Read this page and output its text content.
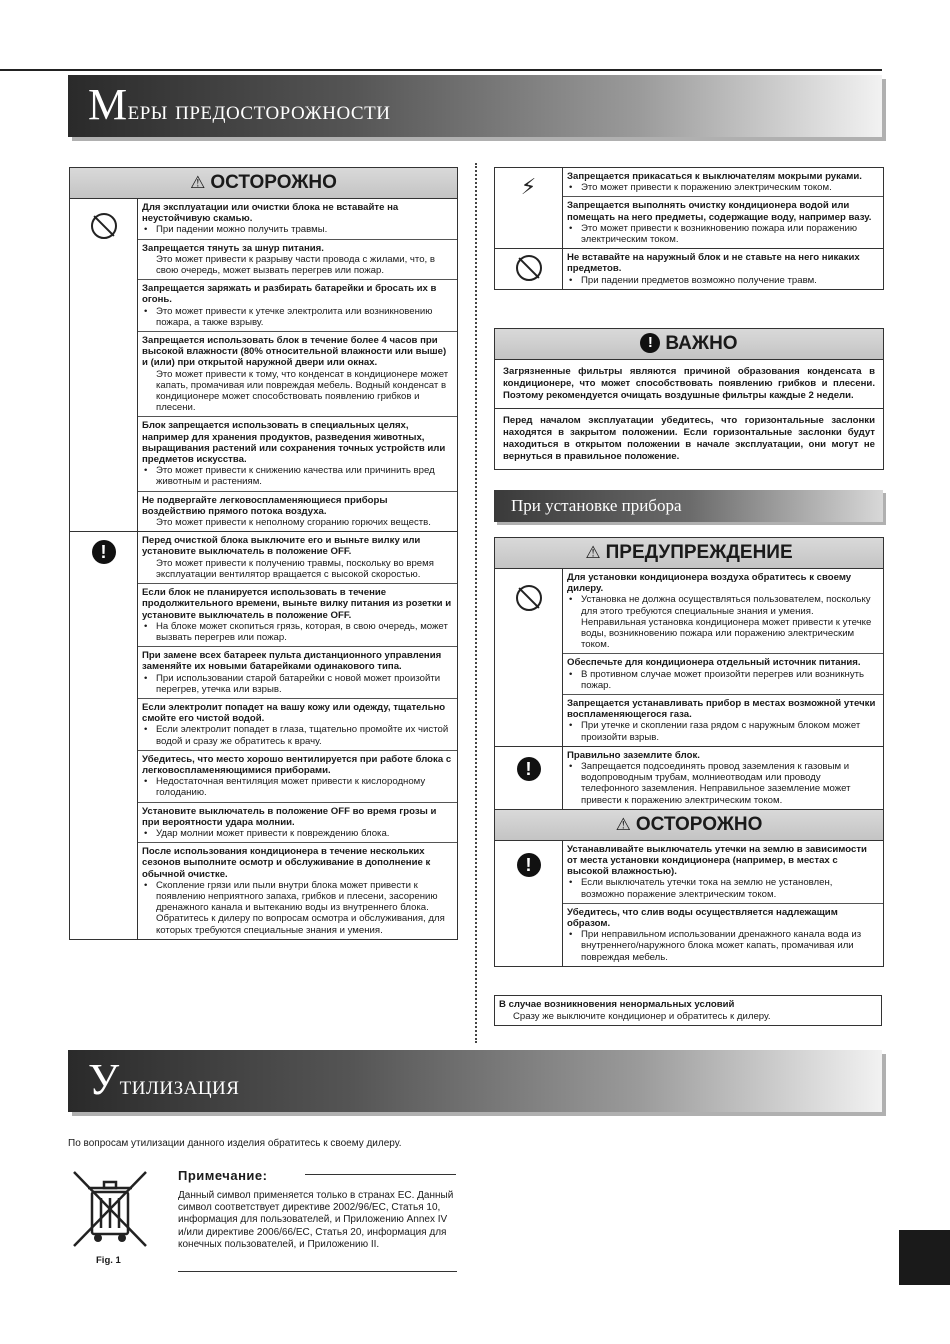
Меры предосторожности
⚠ ОСТОРОЖНО
Для эксплуатации или очистки блока не вставайте на неустойчивую скамью.
• При падении можно получить травмы.
Запрещается тянуть за шнур питания.
Это может привести к разрыву части провода с жилами, что, в свою очередь, может вызвать перегрев или пожар.
Запрещается заряжать и разбирать батарейки и бросать их в огонь.
• Это может привести к утечке электролита или возникновению пожара, а также взрыву.
Запрещается использовать блок в течение более 4 часов при высокой влажности (80% относительной влажности или выше) и (или) при открытой наружной двери или окнах.
Это может привести к тому, что конденсат в кондиционере может капать, промачивая или повреждая мебель. Водный конденсат в кондиционере может способствовать появлению грибков и плесени.
Блок запрещается использовать в специальных целях, например для хранения продуктов, разведения животных, выращивания растений или сохранения точных устройств или предметов искусства.
• Это может привести к снижению качества или причинить вред животным и растениям.
Не подвергайте легковоспламеняющиеся приборы воздействию прямого потока воздуха.
Это может привести к неполному сгоранию горючих веществ.
!
Перед очисткой блока выключите его и выньте вилку или установите выключатель в положение OFF.
Это может привести к получению травмы, поскольку во время эксплуатации вентилятор вращается с высокой скоростью.
Если блок не планируется использовать в течение продолжительного времени, выньте вилку питания из розетки и установите выключатель в положение OFF.
• На блоке может скопиться грязь, которая, в свою очередь, может вызвать перегрев или пожар.
При замене всех батареек пульта дистанционного управления заменяйте их новыми батарейками одинакового типа.
• При использовании старой батарейки с новой может произойти перегрев, утечка или взрыв.
Если электролит попадет на вашу кожу или одежду, тщательно смойте его чистой водой.
• Если электролит попадет в глаза, тщательно промойте их чистой водой и сразу же обратитесь к врачу.
Убедитесь, что место хорошо вентилируется при работе блока с легковоспламеняющимися приборами.
• Недостаточная вентиляция может привести к кислородному голоданию.
Установите выключатель в положение OFF во время грозы и при вероятности удара молнии.
• Удар молнии может привести к повреждению блока.
После использования кондиционера в течение нескольких сезонов выполните осмотр и обслуживание в дополнение к обычной очистке.
• Скопление грязи или пыли внутри блока может привести к появлению неприятного запаха, грибков и плесени, засорению дренажного канала и вытеканию воды из внутреннего блока. Обратитесь к дилеру по вопросам осмотра и обслуживания, для которых требуются специальные знания и умения.
⚡	Запрещается прикасаться к выключателям мокрыми руками.
• Это может привести к поражению электрическим током.
Запрещается выполнять очистку кондиционера водой или помещать на него предметы, содержащие воду, например вазу.
• Это может привести к возникновению пожара или поражению электрическим током.
Не вставайте на наружный блок и не ставьте на него никаких предметов.
• При падении предметов возможно получение травм.
! ВАЖНО
Загрязненные фильтры являются причиной образования конденсата в кондиционере, что может способствовать появлению грибков и плесени. Поэтому рекомендуется очищать воздушные фильтры каждые 2 недели.
Перед началом эксплуатации убедитесь, что горизонтальные заслонки находятся в закрытом положении. Если горизонтальные заслонки будут находиться в открытом положении в начале эксплуатации, они могут не вернуться в правильное положение.
При установке прибора
⚠ ПРЕДУПРЕЖДЕНИЕ
Для установки кондиционера воздуха обратитесь к своему дилеру.
• Установка не должна осуществляться пользователем, поскольку для этого требуются специальные знания и умения. Неправильная установка кондиционера может привести к утечке воды, возникновению пожара или поражению электрическим током.
Обеспечьте для кондиционера отдельный источник питания.
• В противном случае может произойти перегрев или возникнуть пожар.
Запрещается устанавливать прибор в местах возможной утечки воспламеняющегося газа.
• При утечке и скоплении газа рядом с наружным блоком может произойти взрыв.
!
Правильно заземлите блок.
• Запрещается подсоединять провод заземления к газовым и водопроводным трубам, молниеотводам или проводу телефонного заземления. Неправильное заземление может привести к поражению электрическим током.
⚠ ОСТОРОЖНО
!
Устанавливайте выключатель утечки на землю в зависимости от места установки кондиционера (например, в местах с высокой влажностью).
• Если выключатель утечки тока на землю не установлен, возможно поражение электрическим током.
Убедитесь, что слив воды осуществляется надлежащим образом.
• При неправильном использовании дренажного канала вода из внутреннего/наружного блока может капать, промачивая или повреждая мебель.
В случае возникновения ненормальных условий
Сразу же выключите кондиционер и обратитесь к дилеру.
Утилизация
По вопросам утилизации данного изделия обратитесь к своему дилеру.
Fig. 1
Примечание:
Данный символ применяется только в странах ЕС. Данный символ соответствует директиве 2002/96/ЕС, Статья 10, информация для пользователей, и Приложению Annex IV и/или директиве 2006/66/ЕС, Статья 20, информация для конечных пользователей, и Приложению II.
